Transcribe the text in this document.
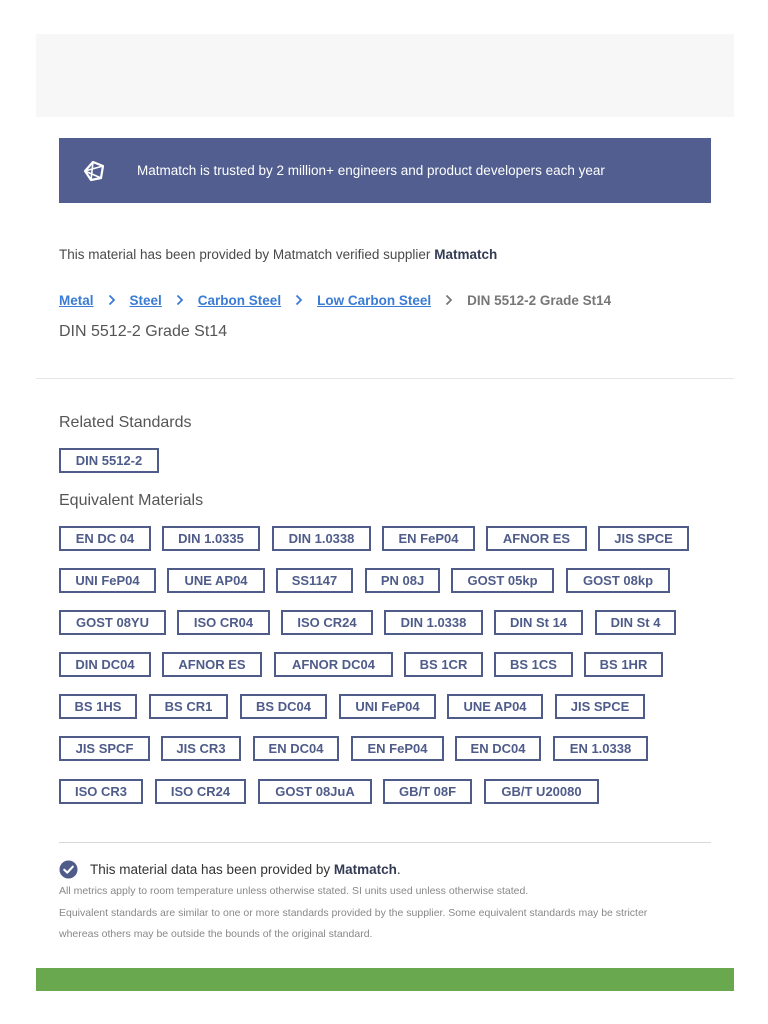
Matmatch is trusted by 2 million+ engineers and product developers each year
This material has been provided by Matmatch verified supplier Matmatch
Metal	Steel	Carbon Steel	Low Carbon Steel	DIN 5512-2 Grade St14
DIN 5512-2 Grade St14
Related Standards
DIN 5512-2
Equivalent Materials
EN DC 04	DIN 1.0335	DIN 1.0338	EN FeP04	AFNOR ES	JIS SPCE
UNI FeP04	UNE AP04	SS1147	PN 08J	GOST 05kp	GOST 08kp
GOST 08YU	ISO CR04	ISO CR24	DIN 1.0338	DIN St 14	DIN St 4
DIN DC04	AFNOR ES	AFNOR DC04	BS 1CR	BS 1CS	BS 1HR
BS 1HS	BS CR1	BS DC04	UNI FeP04	UNE AP04	JIS SPCE
JIS SPCF	JIS CR3	EN DC04	EN FeP04	EN DC04	EN 1.0338
ISO CR3	ISO CR24	GOST 08JuA	GB/T 08F	GB/T U20080
This material data has been provided by
Matmatch .
All metrics apply to room temperature unless otherwise stated. SI units used unless otherwise stated.
Equivalent standards are similar to one or more standards provided by the supplier. Some equivalent standards may be stricter
whereas others may be outside the bounds of the original standard.
